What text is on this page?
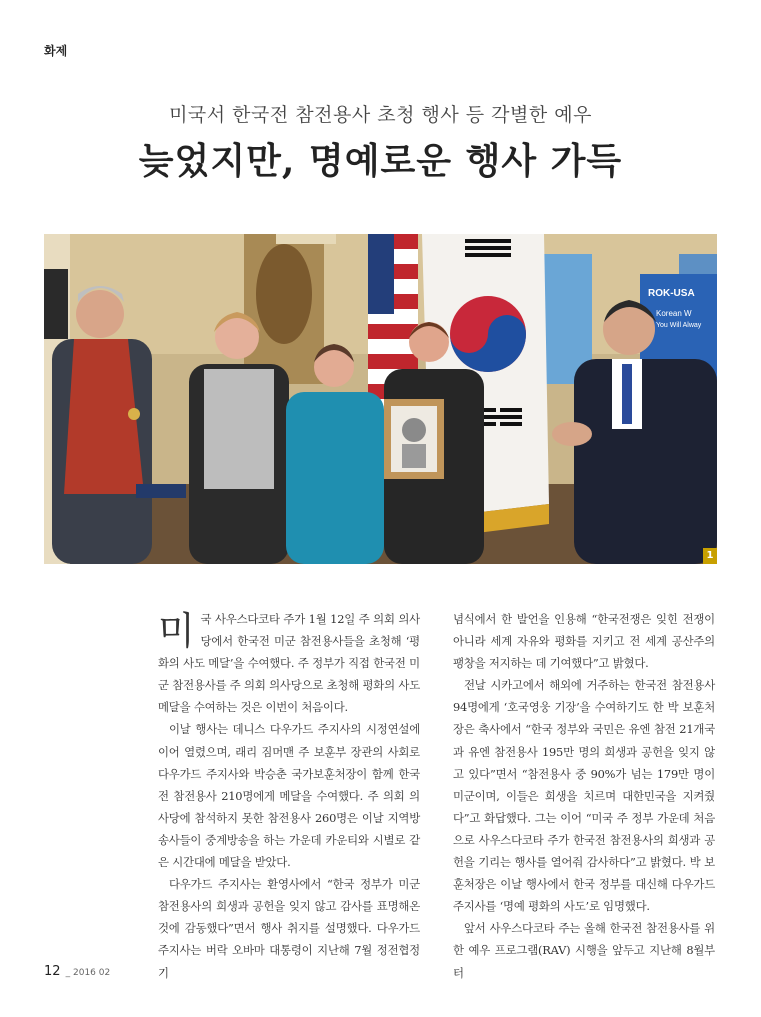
화제
미국서 한국전 참전용사 초청 행사 등 각별한 예우
늦었지만, 명예로운 행사 가득
ROK-USA
Korean W
You Will Alway
1

미국 사우스다코타 주가 1월 12일 주 의회 의사당에서 한국전 미군 참전용사들을 초청해 ‘평화의 사도 메달’을 수여했다. 주 정부가 직접 한국전 미군 참전용사를 주 의회 의사당으로 초청해 평화의 사도 메달을 수여하는 것은 이번이 처음이다.

이날 행사는 데니스 다우가드 주지사의 시정연설에 이어 열렸으며, 래리 짐머맨 주 보훈부 장관의 사회로 다우가드 주지사와 박승춘 국가보훈처장이 함께 한국전 참전용사 210명에게 메달을 수여했다. 주 의회 의사당에 참석하지 못한 참전용사 260명은 이날 지역방송사들이 중계방송을 하는 가운데 카운티와 시별로 같은 시간대에 메달을 받았다.

다우가드 주지사는 환영사에서 “한국 정부가 미군 참전용사의 희생과 공헌을 잊지 않고 감사를 표명해온 것에 감동했다”면서 행사 취지를 설명했다. 다우가드 주지사는 버락 오바마 대통령이 지난해 7월 정전협정 기

념식에서 한 발언을 인용해 “한국전쟁은 잊힌 전쟁이 아니라 세계 자유와 평화를 지키고 전 세계 공산주의 팽창을 저지하는 데 기여했다”고 밝혔다.

전날 시카고에서 해외에 거주하는 한국전 참전용사 94명에게 ‘호국영웅 기장’을 수여하기도 한 박 보훈처장은 축사에서 “한국 정부와 국민은 유엔 참전 21개국과 유엔 참전용사 195만 명의 희생과 공헌을 잊지 않고 있다”면서 “참전용사 중 90%가 넘는 179만 명이 미군이며, 이들은 희생을 치르며 대한민국을 지켜줬다”고 화답했다. 그는 이어 “미국 주 정부 가운데 처음으로 사우스다코타 주가 한국전 참전용사의 희생과 공헌을 기리는 행사를 열어줘 감사하다”고 밝혔다. 박 보훈처장은 이날 행사에서 한국 정부를 대신해 다우가드 주지사를 ‘명예 평화의 사도’로 임명했다.

앞서 사우스다코타 주는 올해 한국전 참전용사를 위한 예우 프로그램(RAV) 시행을 앞두고 지난해 8월부터

12 _ 2016 02
